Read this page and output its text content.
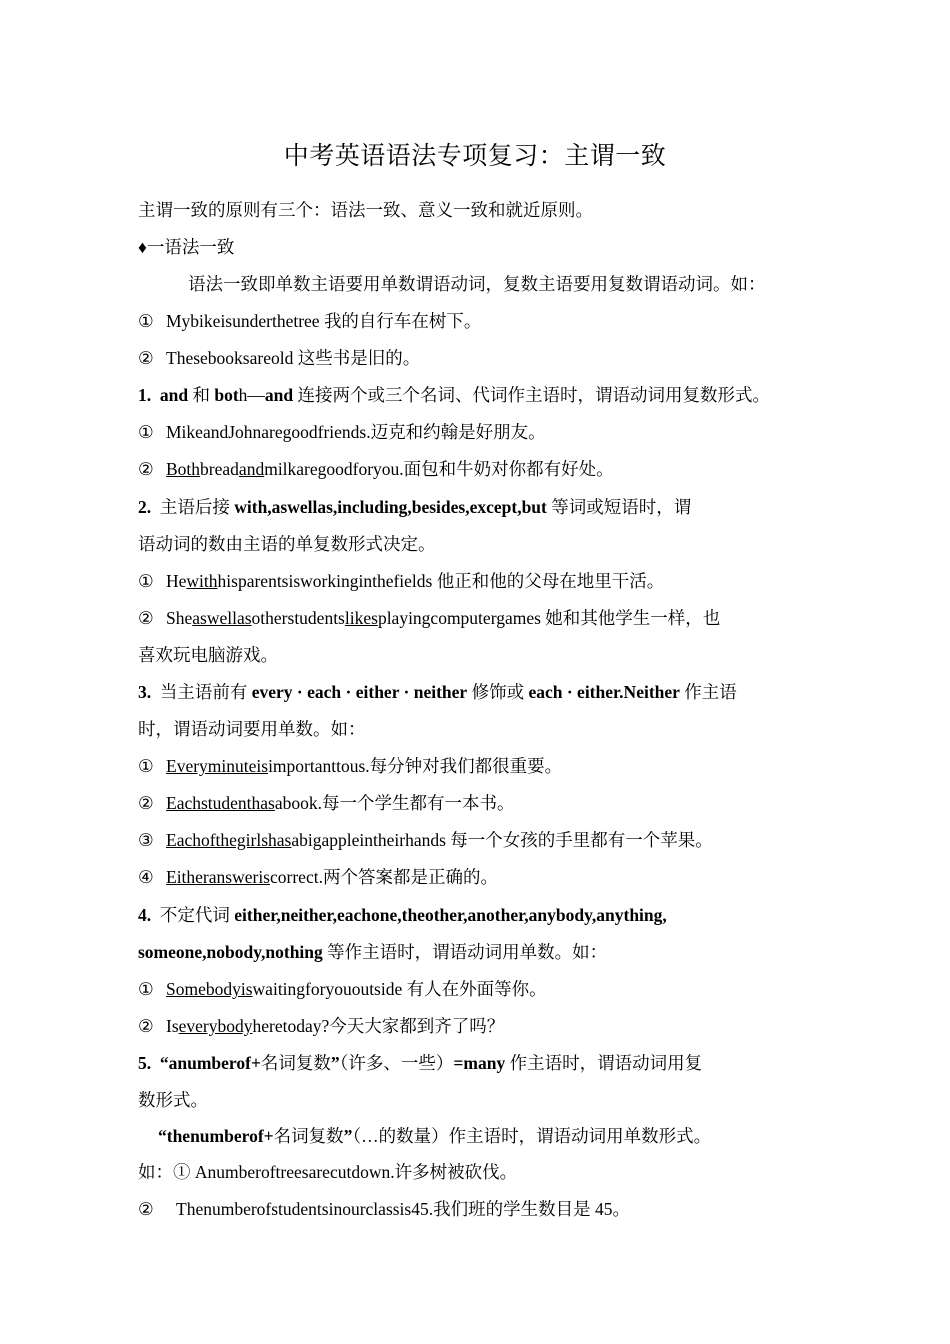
中考英语语法专项复习：主谓一致
主谓一致的原则有三个：语法一致、意义一致和就近原则。
♦一语法一致
语法一致即单数主语要用单数谓语动词，复数主语要用复数谓语动词。如：
① Mybikeisunderthetree 我的自行车在树下。
② Thesebooksareold 这些书是旧的。
1. and 和 both—and 连接两个或三个名词、代词作主语时，谓语动词用复数形式。
① MikeandJohnaregoodfriends.迈克和约翰是好朋友。
② Bothbreadandmilkaregoodforyou.面包和牛奶对你都有好处。
2. 主语后接 with,aswellas,including,besides,except,but 等词或短语时，谓
语动词的数由主语的单复数形式决定。
① Hewithhisparentsisworkinginthefields 他正和他的父母在地里干活。
② Sheaswellasotherstudentslikesplayingcomputergames 她和其他学生一样，也
喜欢玩电脑游戏。
3. 当主语前有 every · each · either · neither 修饰或 each · either.Neither 作主语
时，谓语动词要用单数。如：
① Everyminuteisimportanttous.每分钟对我们都很重要。
② Eachstudenthasabook.每一个学生都有一本书。
③ Eachofthegirlshasabigappleintheirhands 每一个女孩的手里都有一个苹果。
④ Eitheransweriscorrect.两个答案都是正确的。
4. 不定代词 either,neither,eachone,theother,another,anybody,anything,
someone,nobody,nothing 等作主语时，谓语动词用单数。如：
① Somebodyiswaitingforyououtside 有人在外面等你。
② Iseverybodyheretoday?今天大家都到齐了吗？
5. “anumberof+名词复数”（许多、一些）=many 作主语时，谓语动词用复
数形式。
“thenumberof+名词复数”（…的数量）作主语时，谓语动词用单数形式。
如：① Anumberoftreesarecutdown.许多树被砍伐。
② Thenumberofstudentsinourclassis45.我们班的学生数目是 45。
